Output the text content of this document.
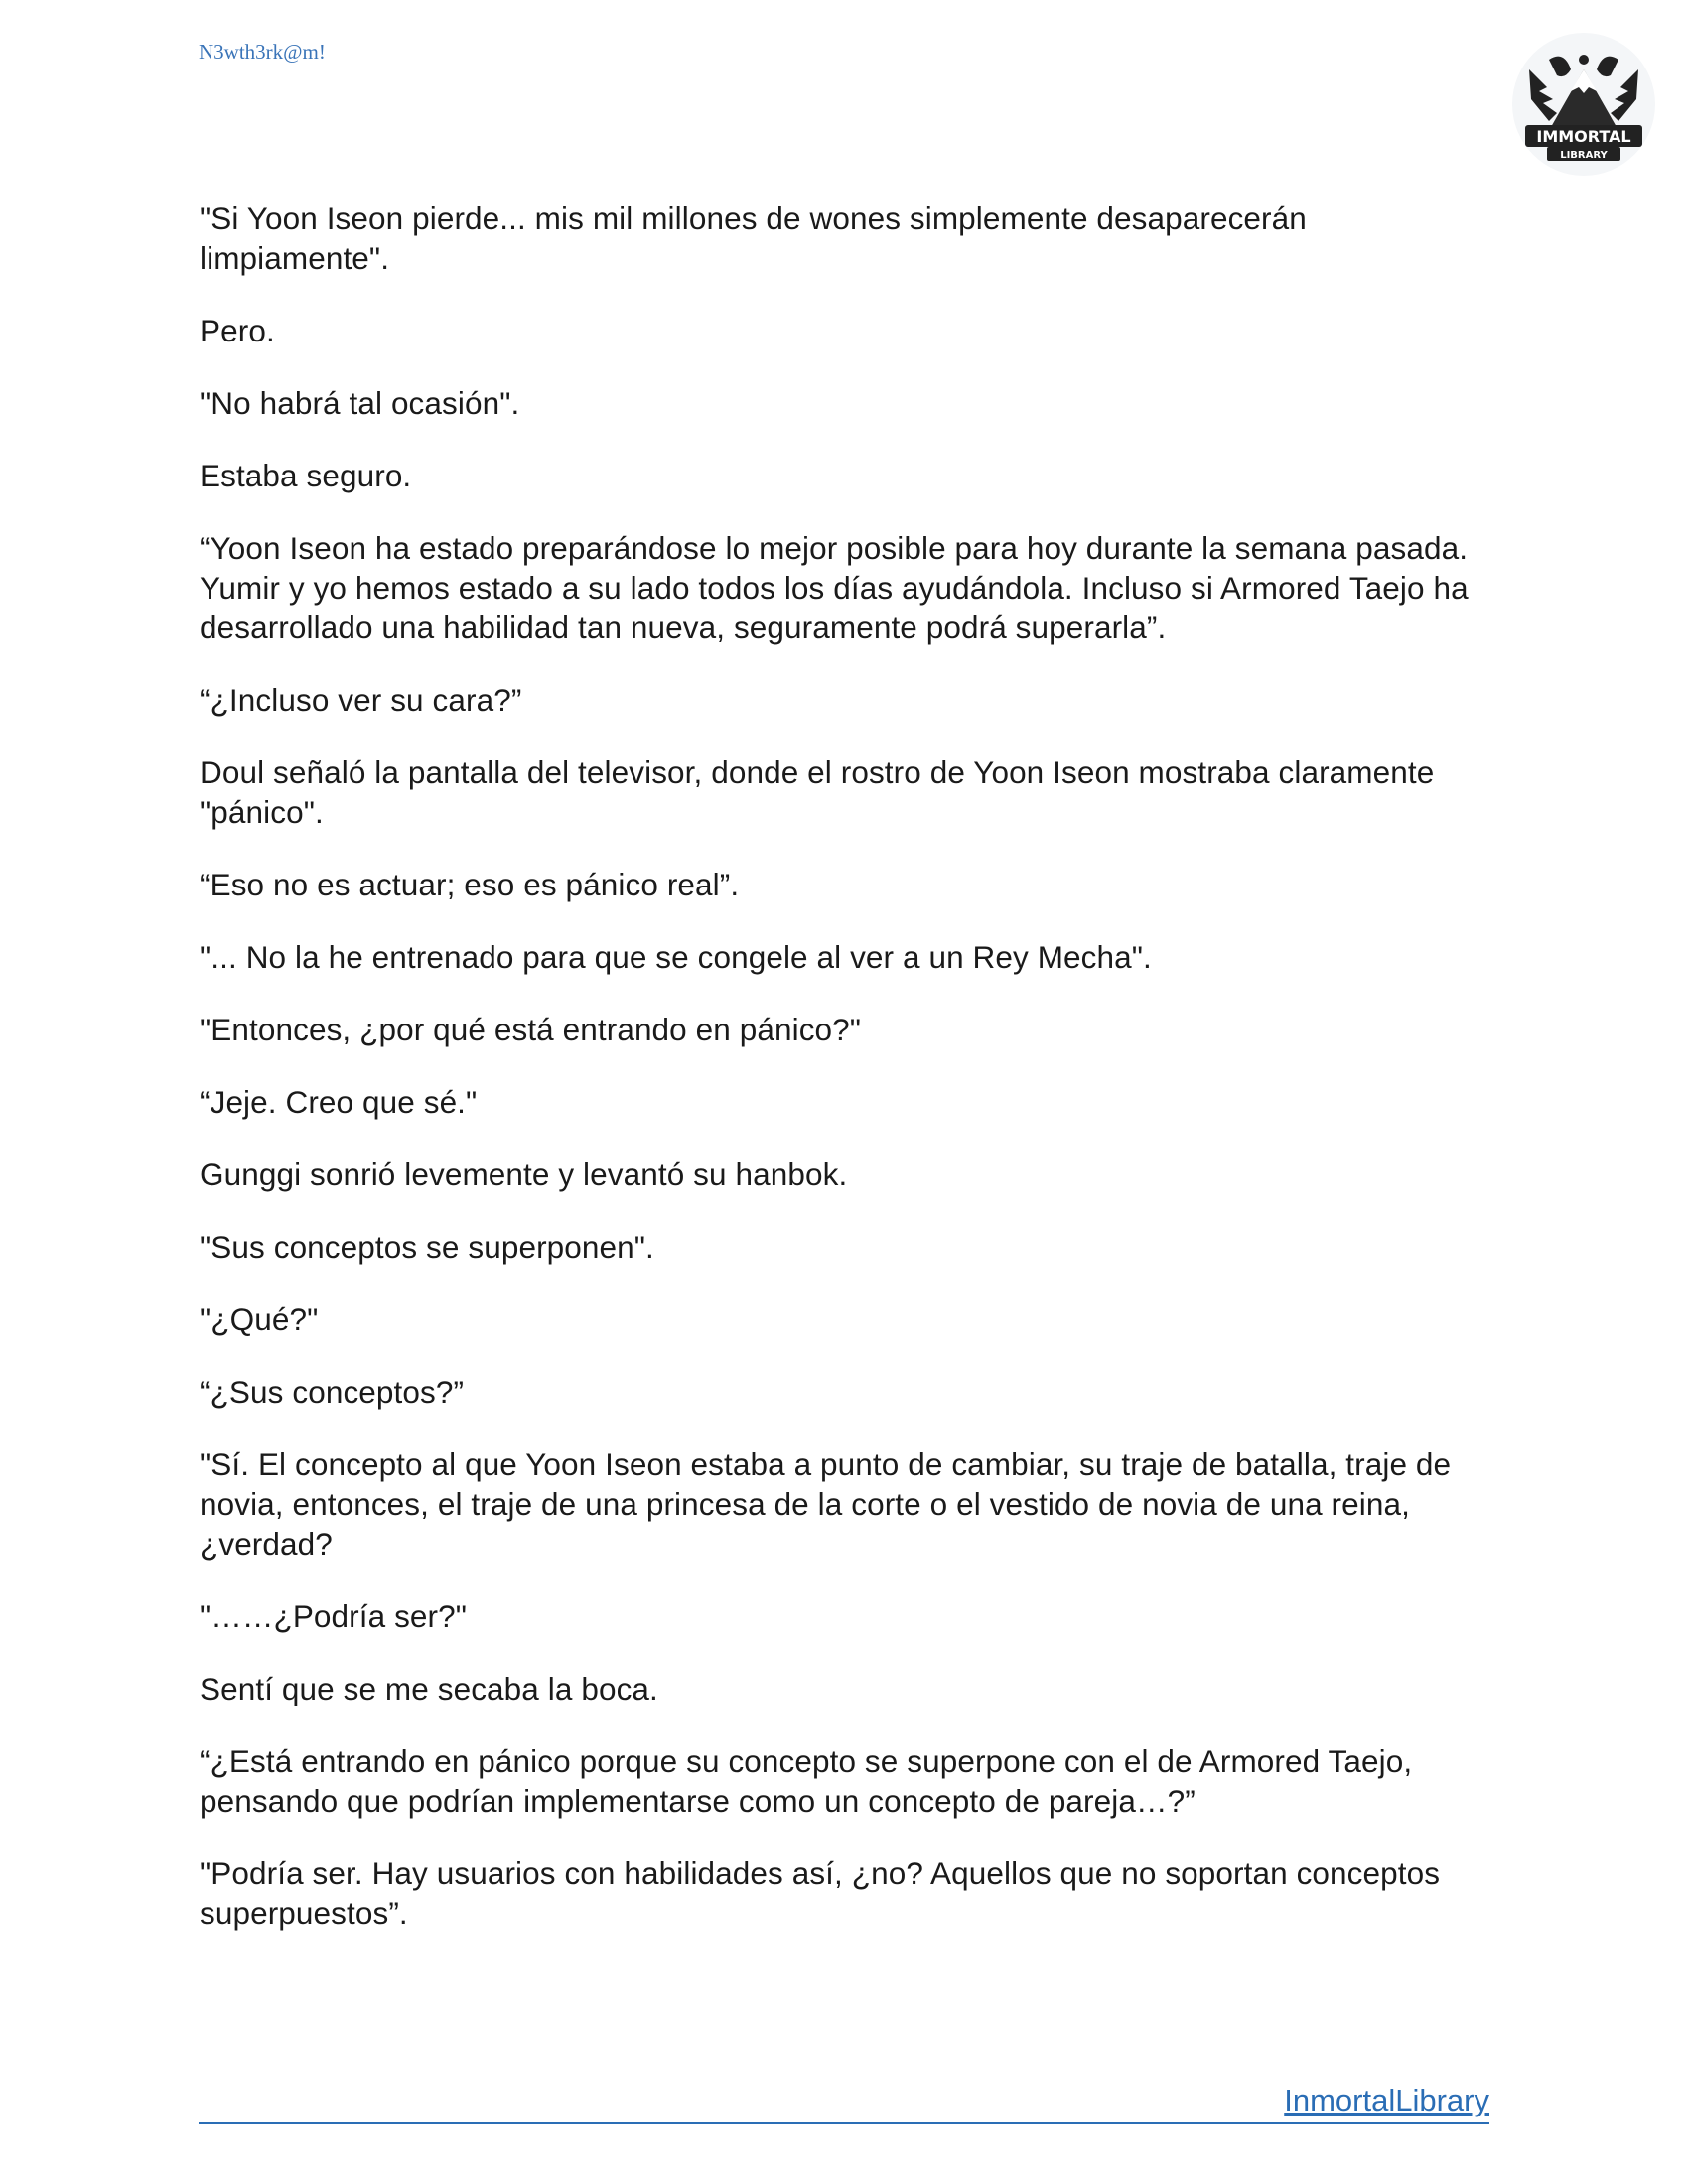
N3wth3rk@m!
IMMORTAL
LIBRARY

"Si Yoon Iseon pierde... mis mil millones de wones simplemente desaparecerán limpiamente".

Pero.

"No habrá tal ocasión".

Estaba seguro.

“Yoon Iseon ha estado preparándose lo mejor posible para hoy durante la semana pasada. Yumir y yo hemos estado a su lado todos los días ayudándola. Incluso si Armored Taejo ha desarrollado una habilidad tan nueva, seguramente podrá superarla”.

“¿Incluso ver su cara?”

Doul señaló la pantalla del televisor, donde el rostro de Yoon Iseon mostraba claramente "pánico".

“Eso no es actuar; eso es pánico real”.

"... No la he entrenado para que se congele al ver a un Rey Mecha".

"Entonces, ¿por qué está entrando en pánico?"

“Jeje. Creo que sé."

Gunggi sonrió levemente y levantó su hanbok.

"Sus conceptos se superponen".

"¿Qué?"

“¿Sus conceptos?”

"Sí. El concepto al que Yoon Iseon estaba a punto de cambiar, su traje de batalla, traje de novia, entonces, el traje de una princesa de la corte o el vestido de novia de una reina, ¿verdad?

"……¿Podría ser?"

Sentí que se me secaba la boca.

“¿Está entrando en pánico porque su concepto se superpone con el de Armored Taejo, pensando que podrían implementarse como un concepto de pareja…?”

"Podría ser. Hay usuarios con habilidades así, ¿no? Aquellos que no soportan conceptos superpuestos”.

InmortalLibrary
